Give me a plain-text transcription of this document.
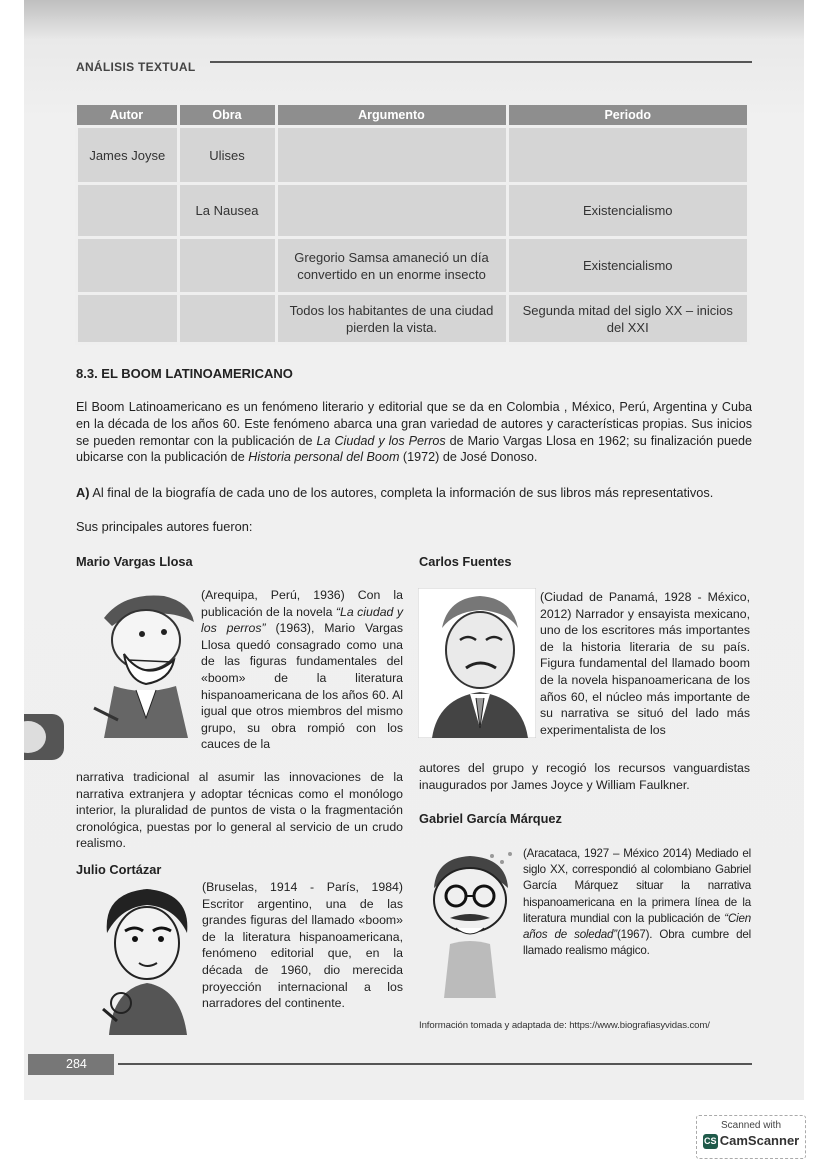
ANÁLISIS TEXTUAL
Autor	Obra	Argumento	Periodo
James Joyse	Ulises		
	La Nausea		Existencialismo
		Gregorio Samsa amaneció un día convertido en un enorme insecto	Existencialismo
		Todos los habitantes de una ciudad pierden la vista.	Segunda mitad del siglo XX – inicios del XXI
8.3. EL BOOM LATINOAMERICANO
El Boom Latinoamericano es un fenómeno literario y editorial que se da en Colombia , México, Perú, Argentina y Cuba en la década de los años 60. Este fenómeno abarca una gran variedad de autores y características propias. Sus inicios se pueden remontar con la publicación de La Ciudad y los Perros de Mario Vargas Llosa en 1962; su finalización puede ubicarse con la publicación de Historia personal del Boom (1972) de José Donoso.
A) Al final de la biografía de cada uno de los autores, completa la información de sus libros más representativos.
Sus principales autores fueron:
Mario Vargas Llosa
(Arequipa, Perú, 1936) Con la publicación de la novela “La ciudad y los perros” (1963), Mario Vargas Llosa quedó consagrado como una de las figuras fundamentales del «boom» de la literatura hispanoamericana de los años 60. Al igual que otros miembros del mismo grupo, su obra rompió con los cauces de la
narrativa tradicional al asumir las innovaciones de la narrativa extranjera y adoptar técnicas como el monólogo interior, la pluralidad de puntos de vista o la fragmentación cronológica, puestas por lo general al servicio de un crudo realismo.
Carlos Fuentes
(Ciudad de Panamá, 1928 - México, 2012) Narrador y ensayista mexicano, uno de los escritores más importantes de la historia literaria de su país. Figura fundamental del llamado boom de la novela hispanoamericana de los años 60, el núcleo más importante de su narrativa se situó del lado más experimentalista de los
autores del grupo y recogió los recursos vanguardistas inaugurados por James Joyce y William Faulkner.
Julio Cortázar
(Bruselas, 1914 - París, 1984) Escritor argentino, una de las grandes figuras del llamado «boom» de la literatura hispanoamericana, fenómeno editorial que, en la década de 1960, dio merecida proyección internacional a los narradores del continente.
Gabriel García Márquez
(Aracataca, 1927 – México 2014) Mediado el siglo XX, correspondió al colombiano Gabriel García Márquez situar la narrativa hispanoamericana en la primera línea de la literatura mundial con la publicación de “Cien años de soledad”(1967). Obra cumbre del llamado realismo mágico.
Información tomada y adaptada de: https://www.biografiasyvidas.com/
284
Scanned with
CS CamScanner
